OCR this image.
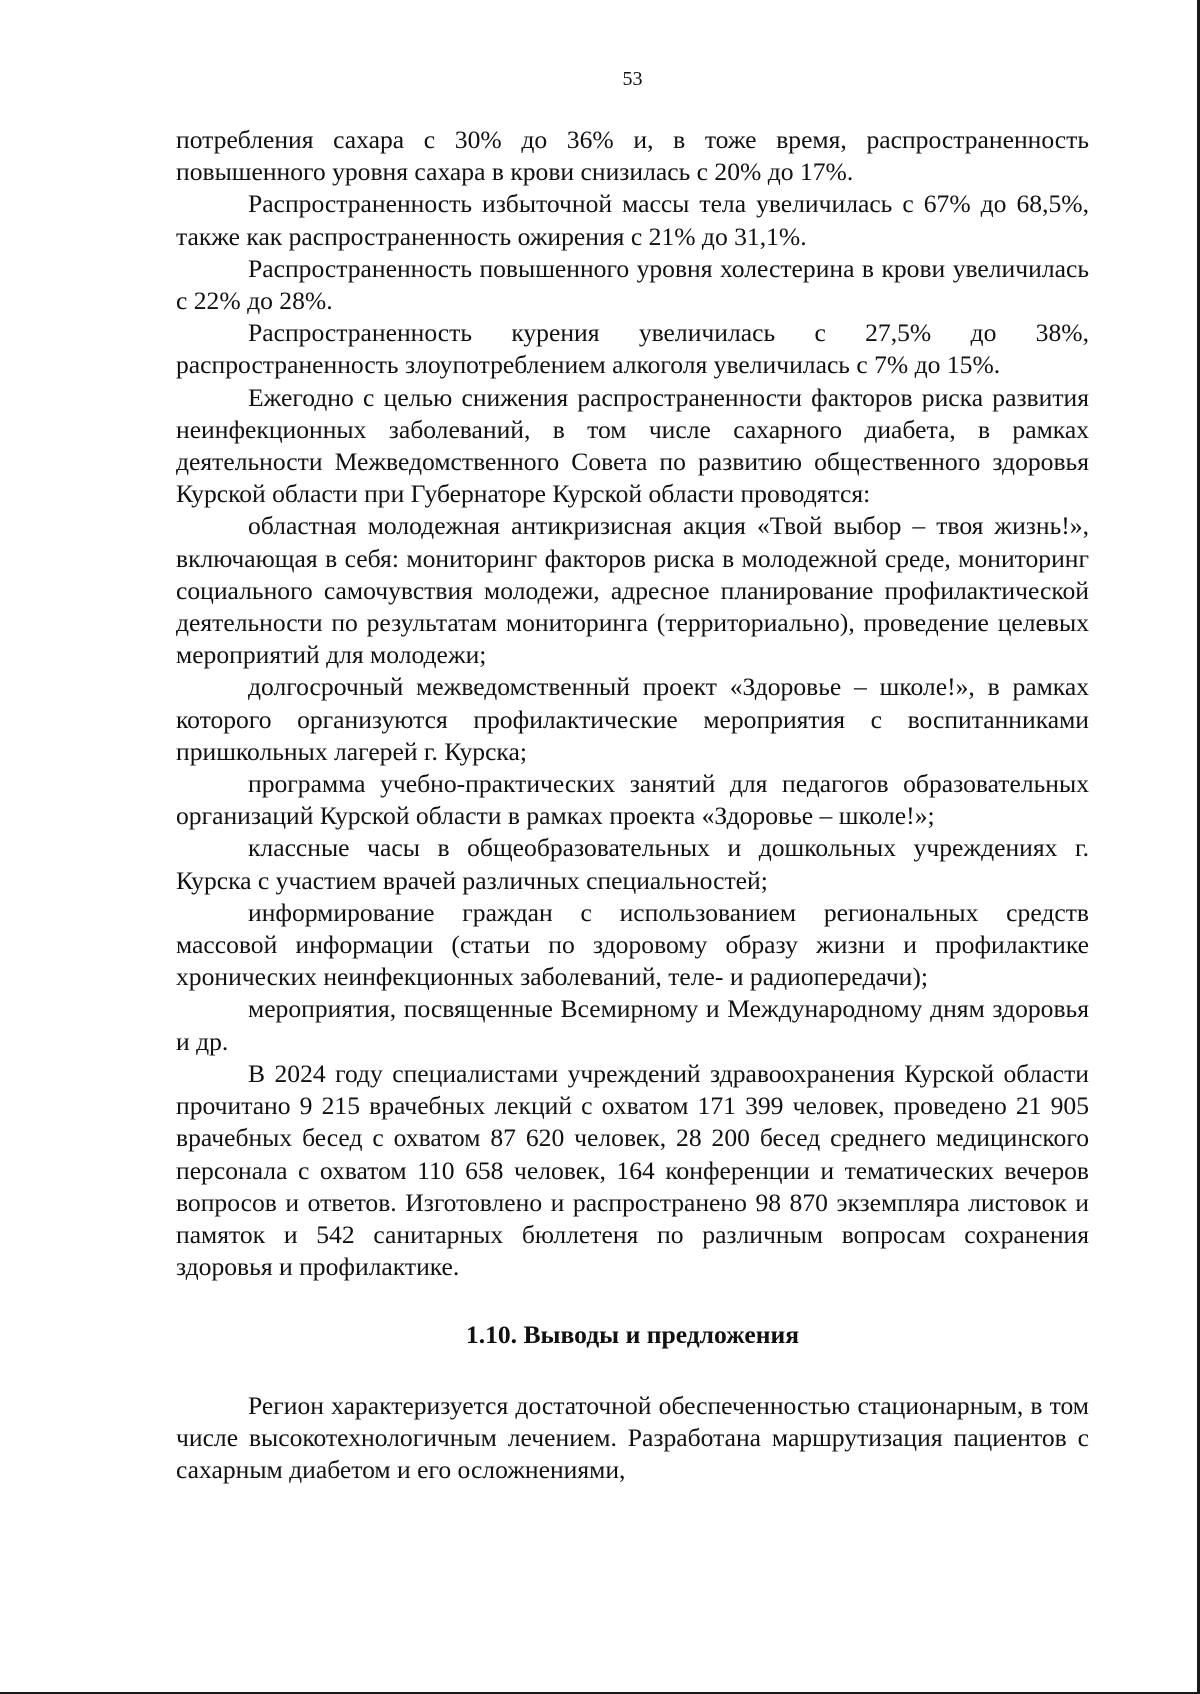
53

потребления сахара с 30% до 36% и, в тоже время, распространенность повышенного уровня сахара в крови снизилась с 20% до 17%.

Распространенность избыточной массы тела увеличилась с 67% до 68,5%, также как распространенность ожирения с 21% до 31,1%.

Распространенность повышенного уровня холестерина в крови увеличилась с 22% до 28%.

Распространенность курения увеличилась с 27,5% до 38%, распространенность злоупотреблением алкоголя увеличилась с 7% до 15%.

Ежегодно с целью снижения распространенности факторов риска развития неинфекционных заболеваний, в том числе сахарного диабета, в рамках деятельности Межведомственного Совета по развитию общественного здоровья Курской области при Губернаторе Курской области проводятся:

областная молодежная антикризисная акция «Твой выбор – твоя жизнь!», включающая в себя: мониторинг факторов риска в молодежной среде, мониторинг социального самочувствия молодежи, адресное планирование профилактической деятельности по результатам мониторинга (территориально), проведение целевых мероприятий для молодежи;

долгосрочный межведомственный проект «Здоровье – школе!», в рамках которого организуются профилактические мероприятия с воспитанниками пришкольных лагерей г. Курска;

программа учебно-практических занятий для педагогов образовательных организаций Курской области в рамках проекта «Здоровье – школе!»;

классные часы в общеобразовательных и дошкольных учреждениях г. Курска с участием врачей различных специальностей;

информирование граждан с использованием региональных средств массовой информации (статьи по здоровому образу жизни и профилактике хронических неинфекционных заболеваний, теле- и радиопередачи);

мероприятия, посвященные Всемирному и Международному дням здоровья и др.

В 2024 году специалистами учреждений здравоохранения Курской области прочитано 9 215 врачебных лекций с охватом 171 399 человек, проведено 21 905 врачебных бесед с охватом 87 620 человек, 28 200 бесед среднего медицинского персонала с охватом 110 658 человек, 164 конференции и тематических вечеров вопросов и ответов. Изготовлено и распространено 98 870 экземпляра листовок и памяток и 542 санитарных бюллетеня по различным вопросам сохранения здоровья и профилактике.

1.10. Выводы и предложения

Регион характеризуется достаточной обеспеченностью стационарным, в том числе высокотехнологичным лечением. Разработана маршрутизация пациентов с сахарным диабетом и его осложнениями,
